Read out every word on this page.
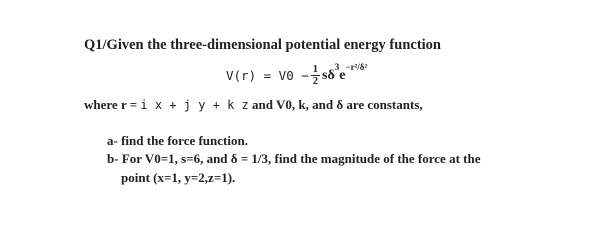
Q1/Given the three-dimensional potential energy function
$V(r) = V0 - \frac{1}{2}$ sδ
$^3$
e
$^{-r^2/\delta^2}$
where r = i x + j y + k z and V0, k, and δ are constants,
a- find the force function.
b- For V0=1, s=6, and δ = 1/3, find the magnitude of the force at the
point (x=1, y=2,z=1).
